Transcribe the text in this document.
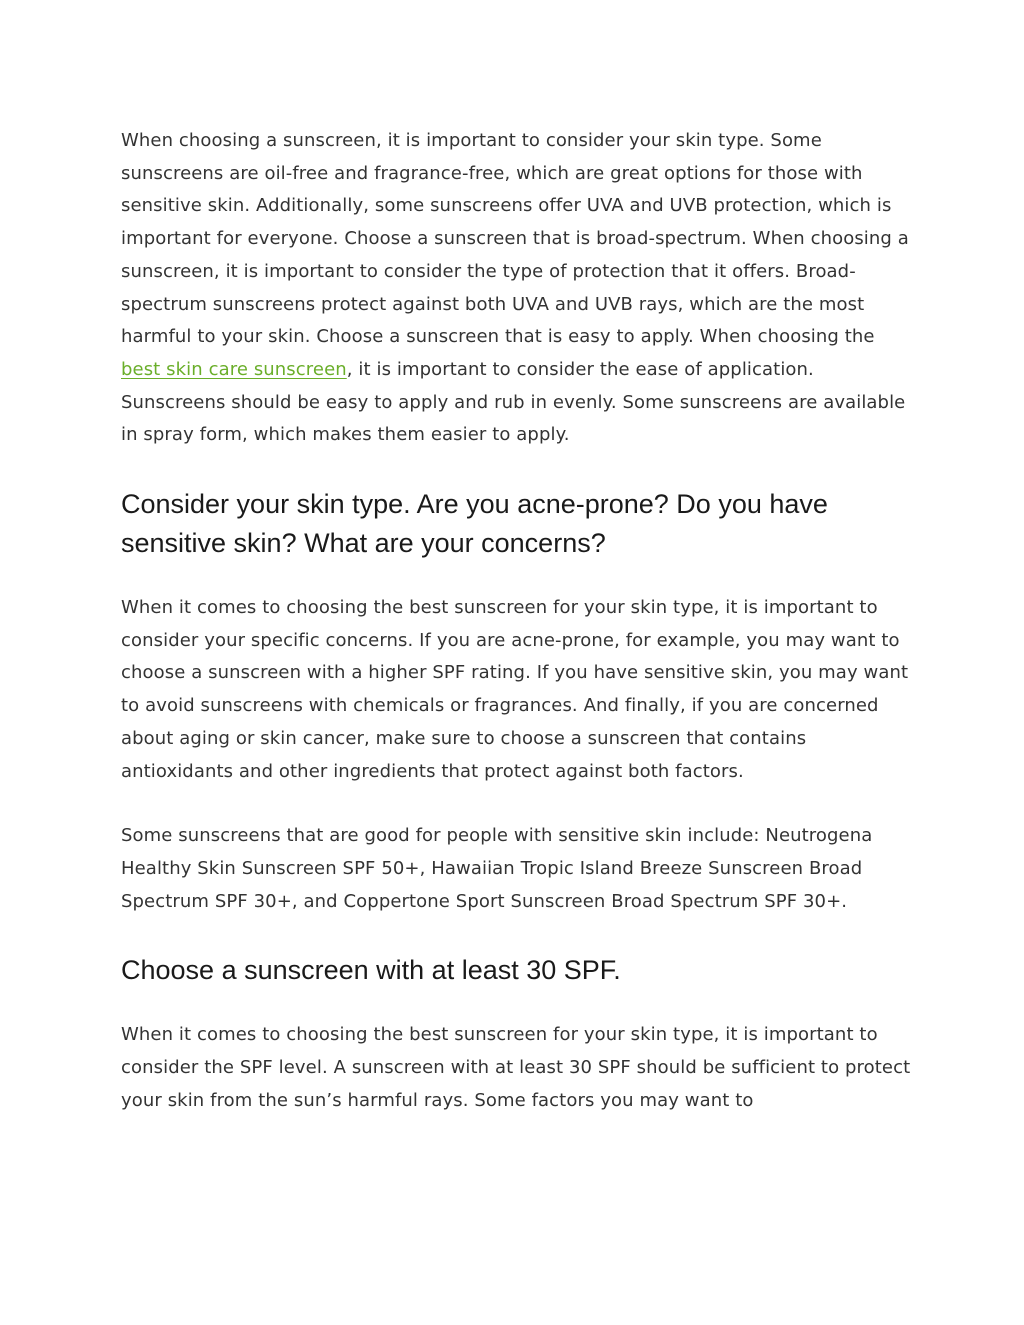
When choosing a sunscreen, it is important to consider your skin type. Some sunscreens are oil-free and fragrance-free, which are great options for those with sensitive skin. Additionally, some sunscreens offer UVA and UVB protection, which is important for everyone. Choose a sunscreen that is broad-spectrum. When choosing a sunscreen, it is important to consider the type of protection that it offers. Broad-spectrum sunscreens protect against both UVA and UVB rays, which are the most harmful to your skin. Choose a sunscreen that is easy to apply. When choosing the best skin care sunscreen, it is important to consider the ease of application. Sunscreens should be easy to apply and rub in evenly. Some sunscreens are available in spray form, which makes them easier to apply.

Consider your skin type. Are you acne-prone? Do you have sensitive skin? What are your concerns?

When it comes to choosing the best sunscreen for your skin type, it is important to consider your specific concerns. If you are acne-prone, for example, you may want to choose a sunscreen with a higher SPF rating. If you have sensitive skin, you may want to avoid sunscreens with chemicals or fragrances. And finally, if you are concerned about aging or skin cancer, make sure to choose a sunscreen that contains antioxidants and other ingredients that protect against both factors.

Some sunscreens that are good for people with sensitive skin include: Neutrogena Healthy Skin Sunscreen SPF 50+, Hawaiian Tropic Island Breeze Sunscreen Broad Spectrum SPF 30+, and Coppertone Sport Sunscreen Broad Spectrum SPF 30+.

Choose a sunscreen with at least 30 SPF.

When it comes to choosing the best sunscreen for your skin type, it is important to consider the SPF level. A sunscreen with at least 30 SPF should be sufficient to protect your skin from the sun’s harmful rays. Some factors you may want to
